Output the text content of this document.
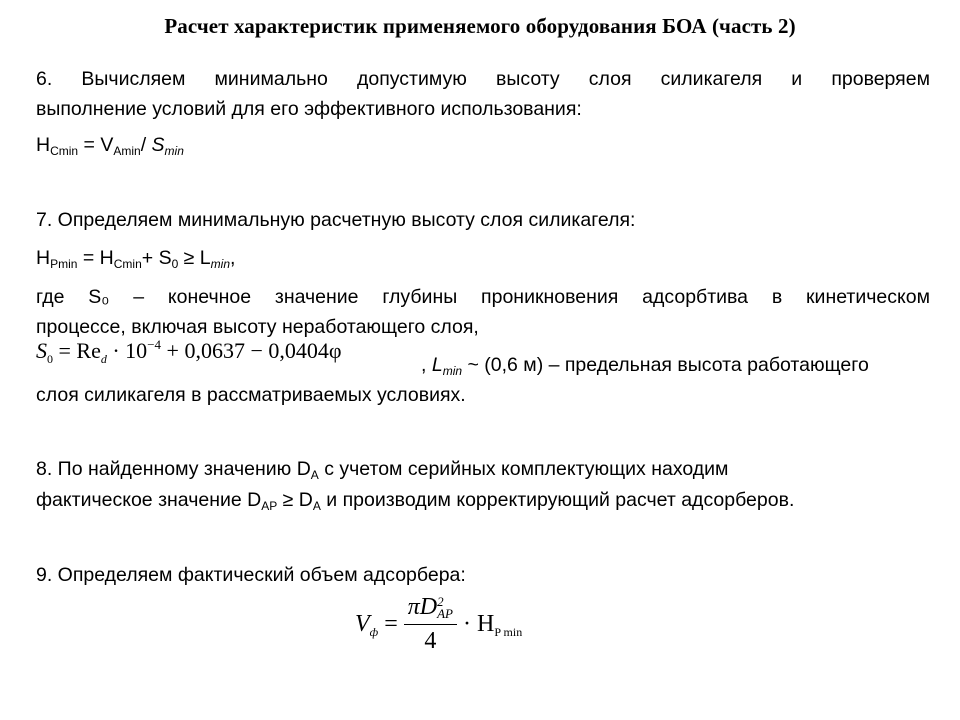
Расчет характеристик применяемого оборудования БОА (часть 2)
6. Вычисляем минимально допустимую высоту слоя силикагеля и проверяем
выполнение условий для его эффективного использования:
$H_{Cmin} = V_{Amin}/$ $S_{min}$
7. Определяем минимальную расчетную высоту слоя силикагеля:
$H_{Pmin} = H_{Cmin}+ S_0 \ge L_{min}$,
где S₀ – конечное значение глубины проникновения адсорбтива в кинетическом
процессе, включая высоту неработающего слоя,
$S_0 = Re_d \cdot 10^{-4} + 0,0637 - 0,0404\varphi$
, $L_{min}$ ~ (0,6 м) – предельная высота работающего
слоя силикагеля в рассматриваемых условиях.
8. По найденному значению $D_A$ с учетом серийных комплектующих находим
фактическое значение $D_{AP} \ge D_A$ и производим корректирующий расчет адсорберов.
9. Определяем фактический объем адсорбера:
$V_ф = \pi D$ 2
AP
$4 \cdot H_{P min}$
